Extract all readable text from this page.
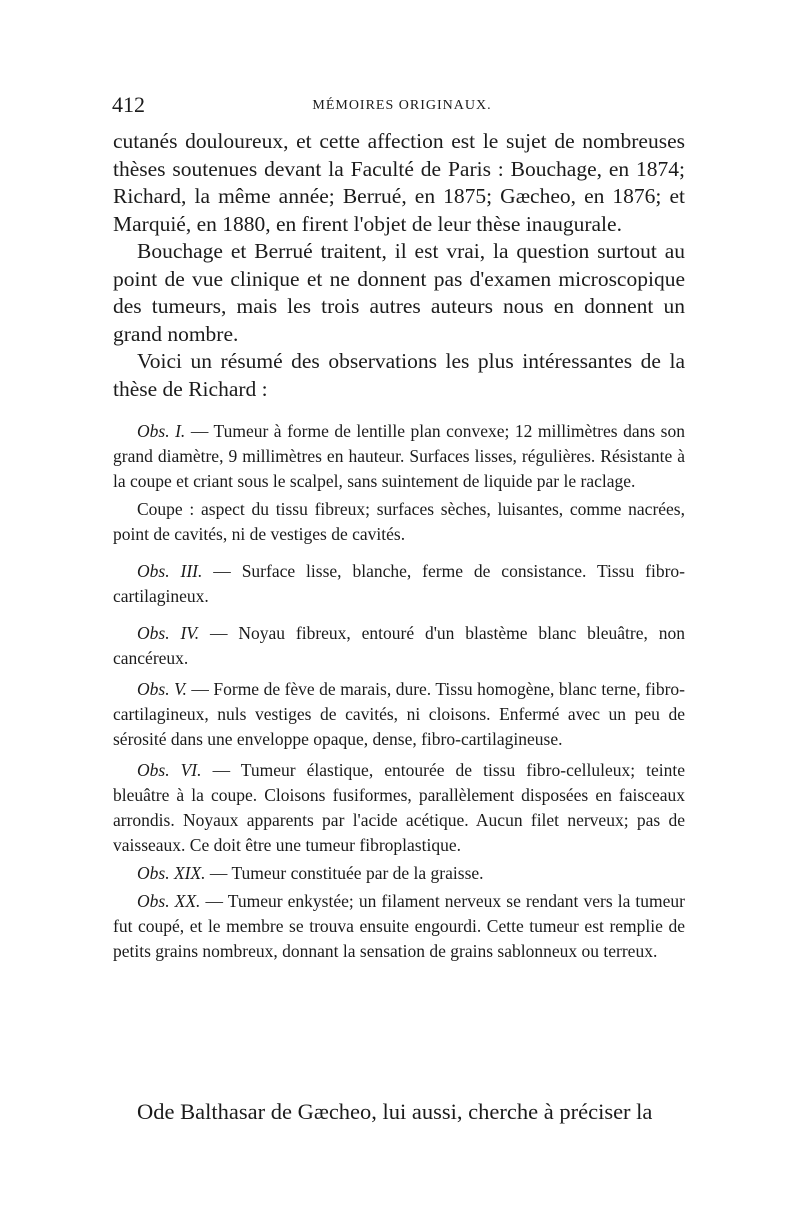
412	MÉMOIRES ORIGINAUX.

cutanés douloureux, et cette affection est le sujet de nombreuses thèses soutenues devant la Faculté de Paris : Bouchage, en 1874; Richard, la même année; Berrué, en 1875; Gæcheo, en 1876; et Marquié, en 1880, en firent l'objet de leur thèse inaugurale.

Bouchage et Berrué traitent, il est vrai, la question surtout au point de vue clinique et ne donnent pas d'examen microscopique des tumeurs, mais les trois autres auteurs nous en donnent un grand nombre.

Voici un résumé des observations les plus intéressantes de la thèse de Richard :

Obs. I. — Tumeur à forme de lentille plan convexe; 12 millimètres dans son grand diamètre, 9 millimètres en hauteur. Surfaces lisses, régulières. Résistante à la coupe et criant sous le scalpel, sans suintement de liquide par le raclage.

Coupe : aspect du tissu fibreux; surfaces sèches, luisantes, comme nacrées, point de cavités, ni de vestiges de cavités.

Obs. III. — Surface lisse, blanche, ferme de consistance. Tissu fibro-cartilagineux.

Obs. IV. — Noyau fibreux, entouré d'un blastème blanc bleuâtre, non cancéreux.

Obs. V. — Forme de fève de marais, dure. Tissu homogène, blanc terne, fibro-cartilagineux, nuls vestiges de cavités, ni cloisons. Enfermé avec un peu de sérosité dans une enveloppe opaque, dense, fibro-cartilagineuse.

Obs. VI. — Tumeur élastique, entourée de tissu fibro-celluleux; teinte bleuâtre à la coupe. Cloisons fusiformes, parallèlement disposées en faisceaux arrondis. Noyaux apparents par l'acide acétique. Aucun filet nerveux; pas de vaisseaux. Ce doit être une tumeur fibroplastique.

Obs. XIX. — Tumeur constituée par de la graisse.

Obs. XX. — Tumeur enkystée; un filament nerveux se rendant vers la tumeur fut coupé, et le membre se trouva ensuite engourdi. Cette tumeur est remplie de petits grains nombreux, donnant la sensation de grains sablonneux ou terreux.

Ode Balthasar de Gæcheo, lui aussi, cherche à préciser la
